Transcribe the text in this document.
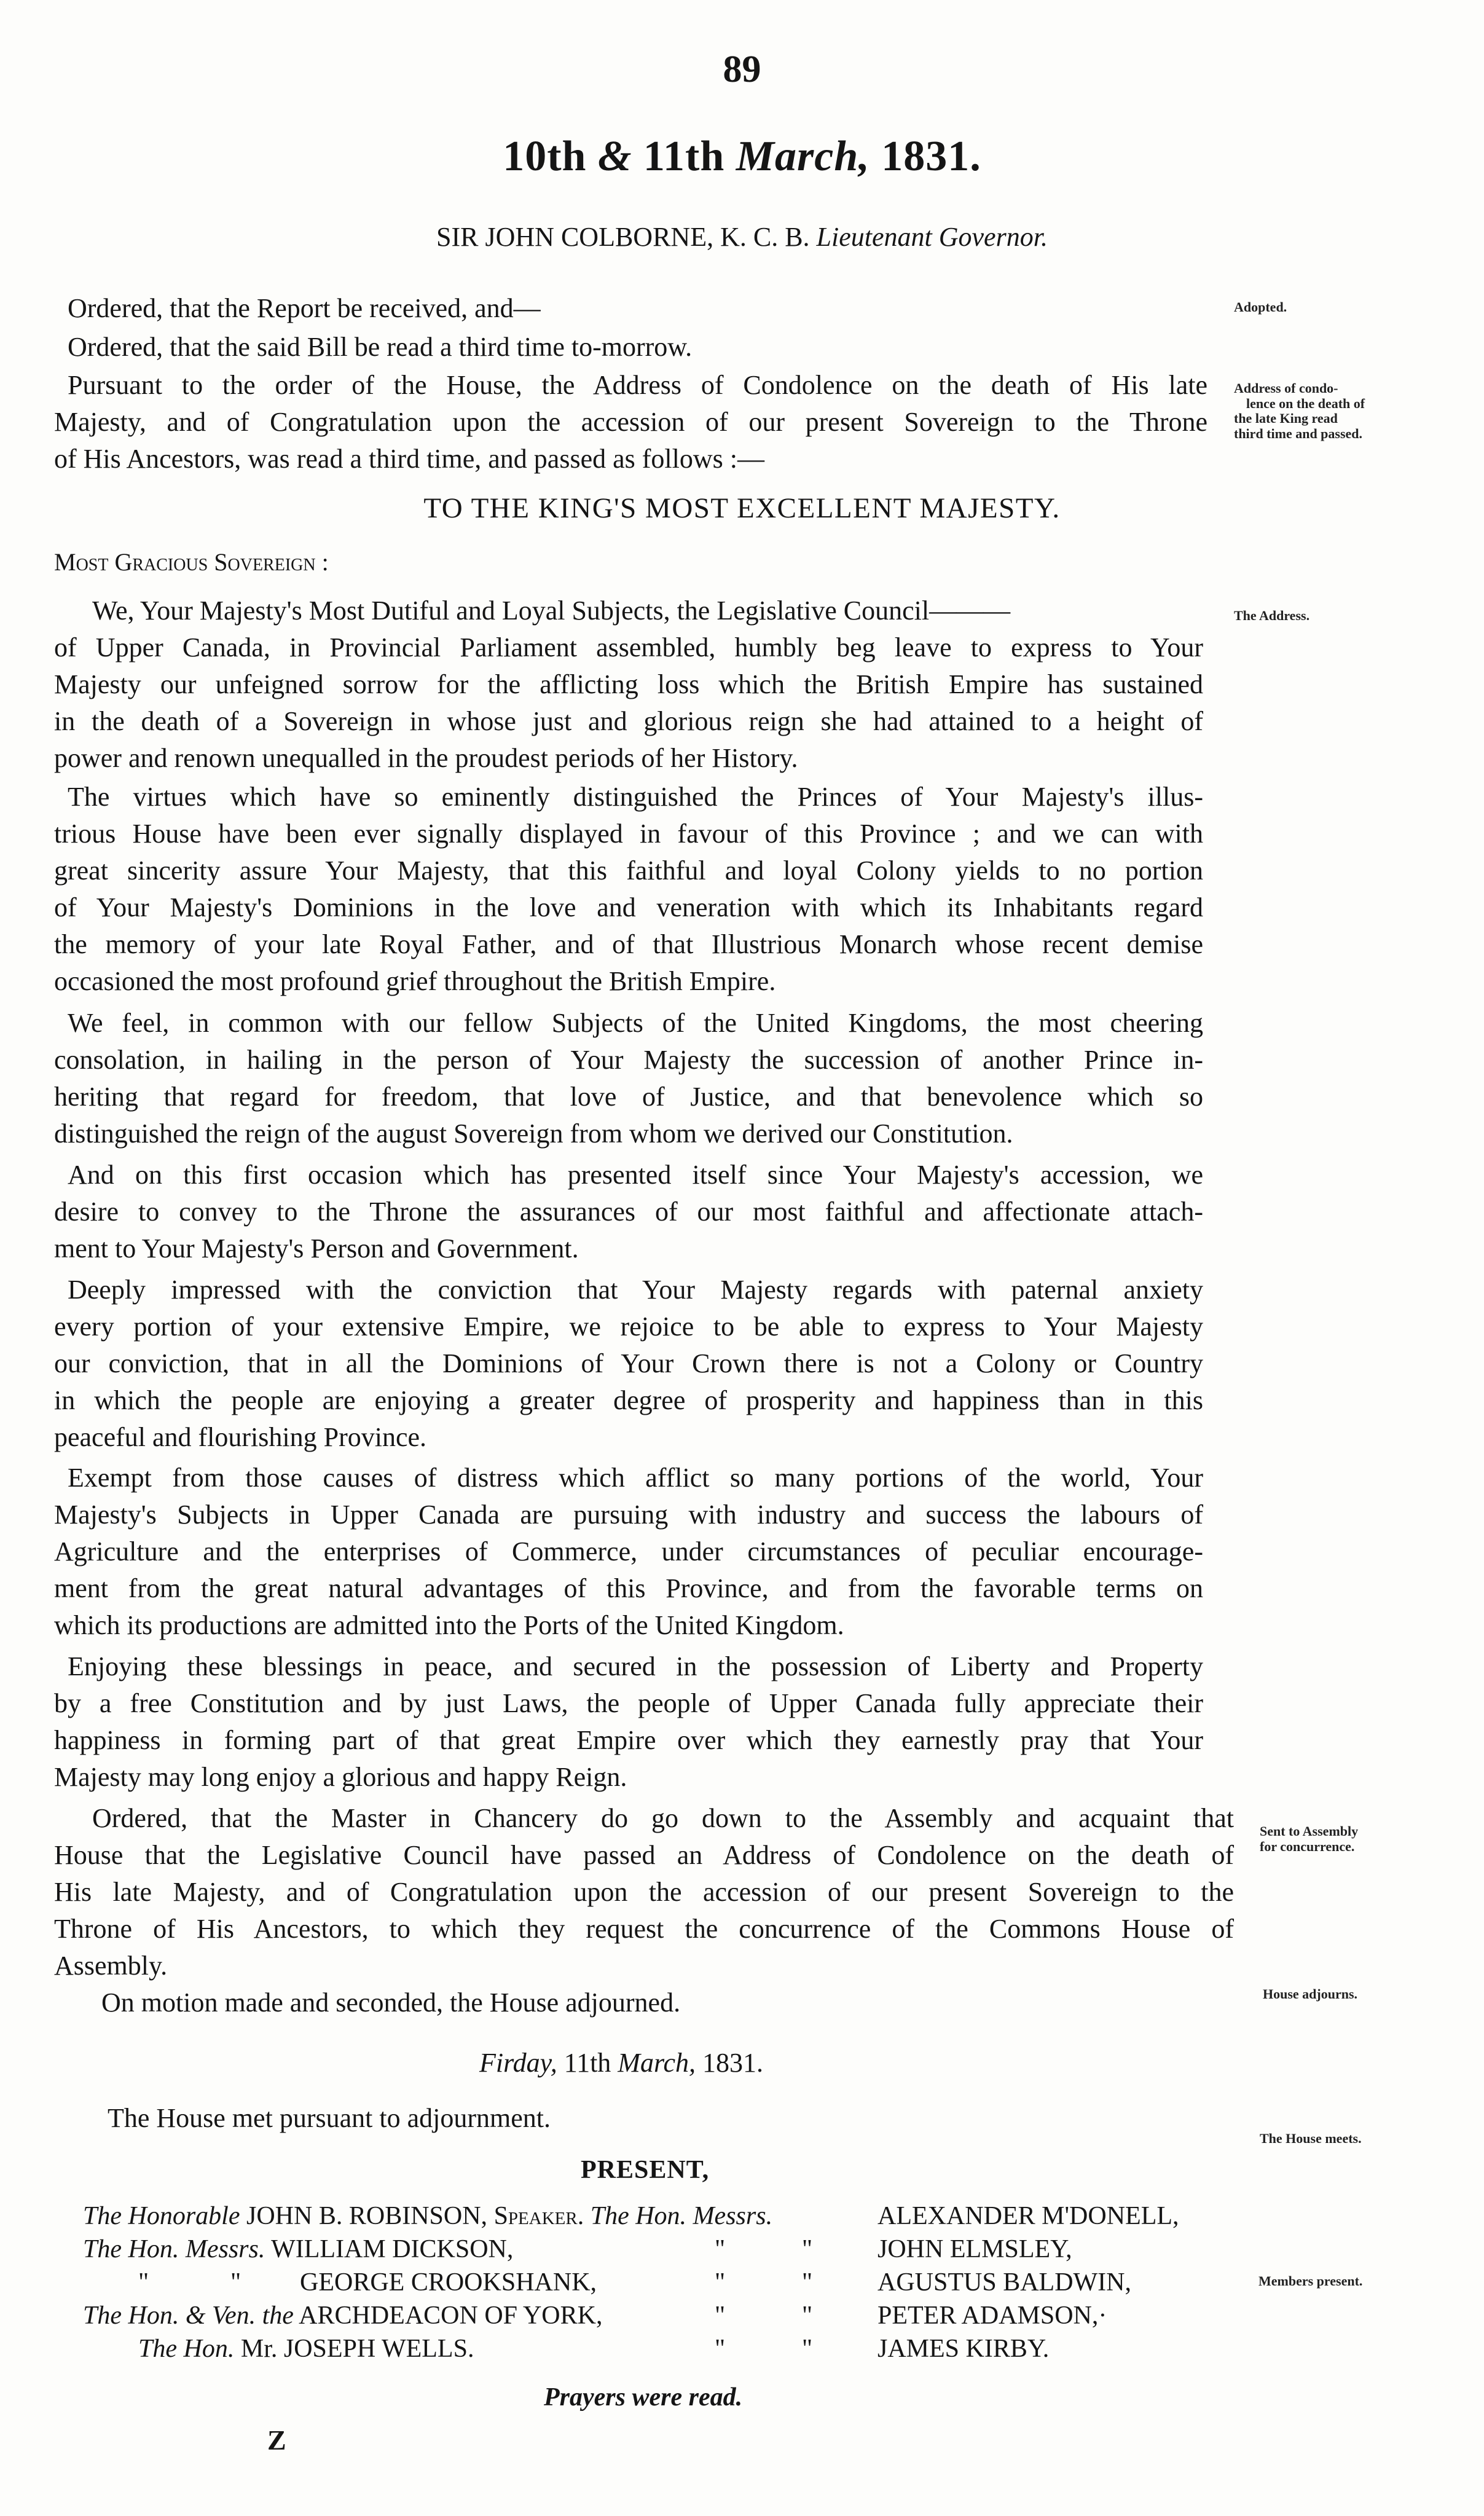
89
10th & 11th March, 1831.
SIR JOHN COLBORNE, K. C. B. Lieutenant Governor.
Adopted.
Address of condo-
lence on the death of
the late King read
third time and passed.
The Address.
Sent to Assembly
for concurrence.
House adjourns.
The House meets.
Members present.
Ordered, that the Report be received, and—
Ordered, that the said Bill be read a third time to-morrow.
Pursuant to the order of the House, the Address of Condolence on the death of His late
Majesty, and of Congratulation upon the accession of our present Sovereign to the Throne
of His Ancestors, was read a third time, and passed as follows :—
TO THE KING'S MOST EXCELLENT MAJESTY.
Most Gracious Sovereign :
We, Your Majesty's Most Dutiful and Loyal Subjects, the Legislative Council———
of Upper Canada, in Provincial Parliament assembled, humbly beg leave to express to Your
Majesty our unfeigned sorrow for the afflicting loss which the British Empire has sustained
in the death of a Sovereign in whose just and glorious reign she had attained to a height of
power and renown unequalled in the proudest periods of her History.
The virtues which have so eminently distinguished the Princes of Your Majesty's illus-
trious House have been ever signally displayed in favour of this Province ; and we can with
great sincerity assure Your Majesty, that this faithful and loyal Colony yields to no portion
of Your Majesty's Dominions in the love and veneration with which its Inhabitants regard
the memory of your late Royal Father, and of that Illustrious Monarch whose recent demise
occasioned the most profound grief throughout the British Empire.
We feel, in common with our fellow Subjects of the United Kingdoms, the most cheering
consolation, in hailing in the person of Your Majesty the succession of another Prince in-
heriting that regard for freedom, that love of Justice, and that benevolence which so
distinguished the reign of the august Sovereign from whom we derived our Constitution.
And on this first occasion which has presented itself since Your Majesty's accession, we
desire to convey to the Throne the assurances of our most faithful and affectionate attach-
ment to Your Majesty's Person and Government.
Deeply impressed with the conviction that Your Majesty regards with paternal anxiety
every portion of your extensive Empire, we rejoice to be able to express to Your Majesty
our conviction, that in all the Dominions of Your Crown there is not a Colony or Country
in which the people are enjoying a greater degree of prosperity and happiness than in this
peaceful and flourishing Province.
Exempt from those causes of distress which afflict so many portions of the world, Your
Majesty's Subjects in Upper Canada are pursuing with industry and success the labours of
Agriculture and the enterprises of Commerce, under circumstances of peculiar encourage-
ment from the great natural advantages of this Province, and from the favorable terms on
which its productions are admitted into the Ports of the United Kingdom.
Enjoying these blessings in peace, and secured in the possession of Liberty and Property
by a free Constitution and by just Laws, the people of Upper Canada fully appreciate their
happiness in forming part of that great Empire over which they earnestly pray that Your
Majesty may long enjoy a glorious and happy Reign.
Ordered, that the Master in Chancery do go down to the Assembly and acquaint that
House that the Legislative Council have passed an Address of Condolence on the death of
His late Majesty, and of Congratulation upon the accession of our present Sovereign to the
Throne of His Ancestors, to which they request the concurrence of the Commons House of
Assembly.
On motion made and seconded, the House adjourned.
Firday, 11th March, 1831.
The House met pursuant to adjournment.
PRESENT,
The Honorable JOHN B. ROBINSON, Speaker. The Hon. Messrs.	ALEXANDER M'DONELL,
The Hon. Messrs. WILLIAM DICKSON,	"	"	JOHN ELMSLEY,
"	" GEORGE CROOKSHANK,	"	"	AGUSTUS BALDWIN,
The Hon. & Ven. the ARCHDEACON OF YORK,	"	"	PETER ADAMSON,·
The Hon. Mr. JOSEPH WELLS.	"	"	JAMES KIRBY.
Prayers were read.
Z
